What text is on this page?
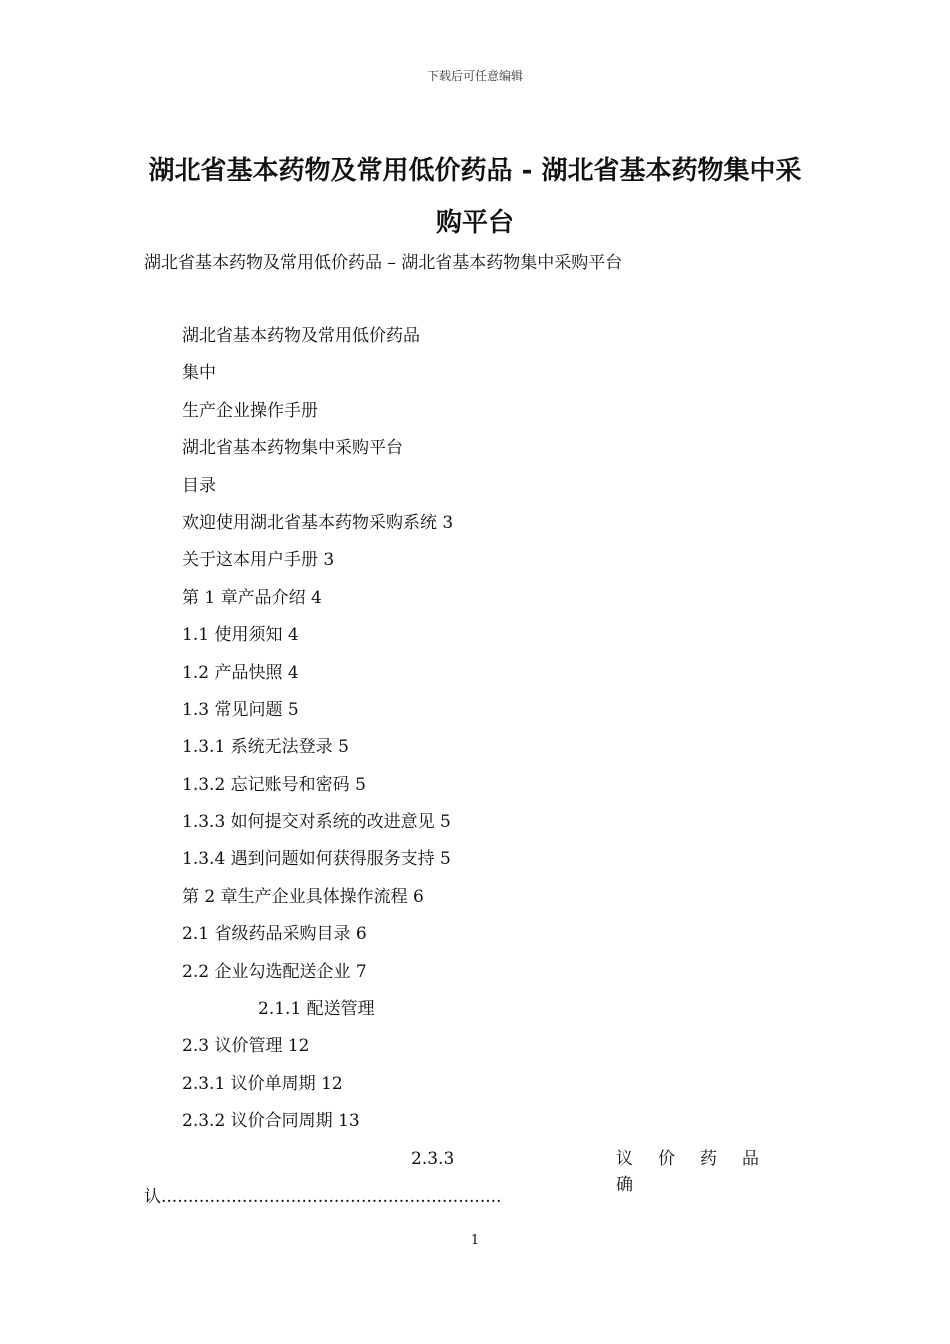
下载后可任意编辑
湖北省基本药物及常用低价药品 - 湖北省基本药物集中采
购平台
湖北省基本药物及常用低价药品 – 湖北省基本药物集中采购平台
湖北省基本药物及常用低价药品
集中
生产企业操作手册
湖北省基本药物集中采购平台
目录
欢迎使用湖北省基本药物采购系统 3
关于这本用户手册 3
第 1 章产品介绍 4
1.1 使用须知 4
1.2 产品快照 4
1.3 常见问题 5
1.3.1 系统无法登录 5
1.3.2 忘记账号和密码 5
1.3.3 如何提交对系统的改进意见 5
1.3.4 遇到问题如何获得服务支持 5
第 2 章生产企业具体操作流程 6
2.1 省级药品采购目录 6
2.2 企业勾选配送企业 7
2.1.1 配送管理
2.3 议价管理 12
2.3.1 议价单周期 12
2.3.2 议价合同周期 13
2.3.3	议价药品确
认...............................................................
1
